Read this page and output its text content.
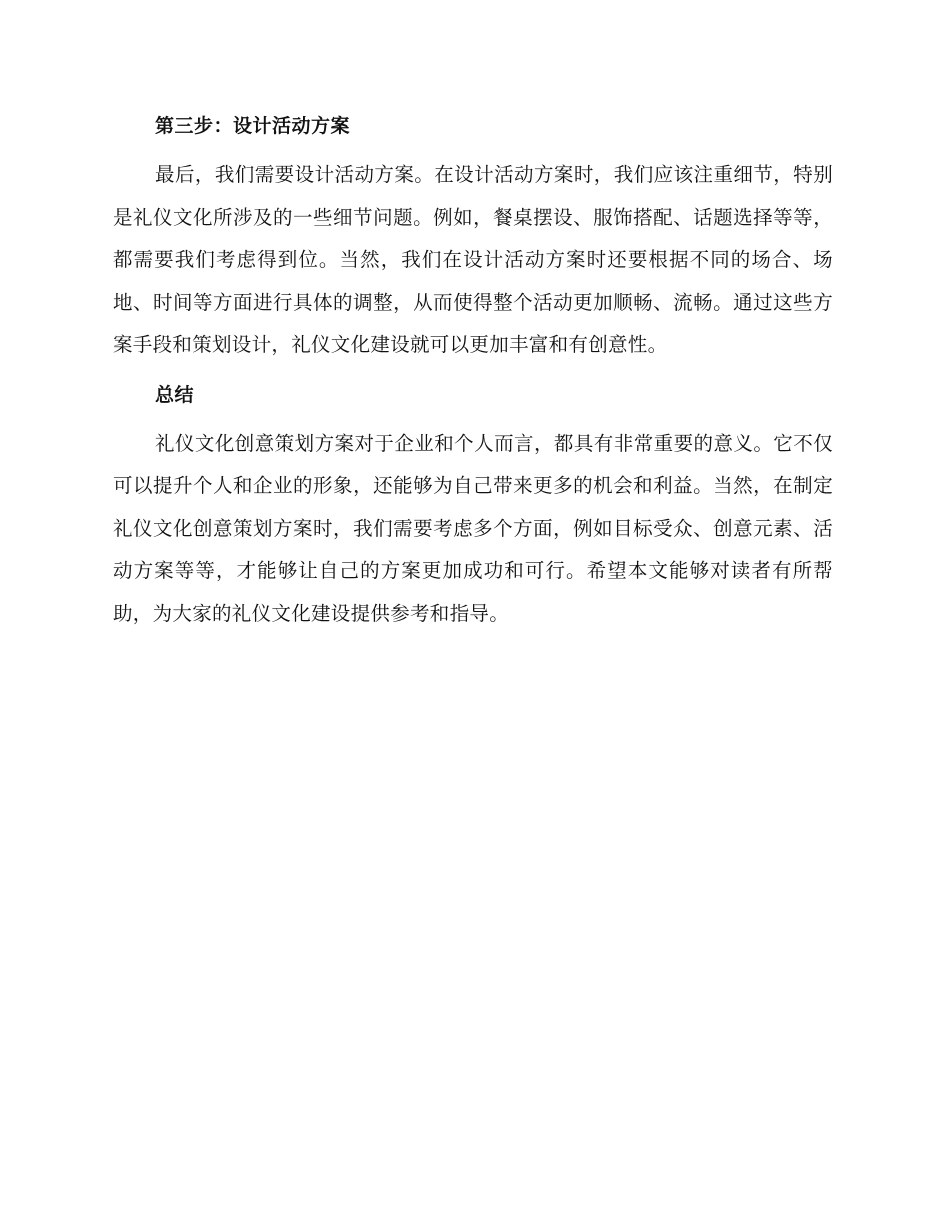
第三步：设计活动方案
最后，我们需要设计活动方案。在设计活动方案时，我们应该注重细节，特别是礼仪文化所涉及的一些细节问题。例如，餐桌摆设、服饰搭配、话题选择等等，都需要我们考虑得到位。当然，我们在设计活动方案时还要根据不同的场合、场地、时间等方面进行具体的调整，从而使得整个活动更加顺畅、流畅。通过这些方案手段和策划设计，礼仪文化建设就可以更加丰富和有创意性。
总结
礼仪文化创意策划方案对于企业和个人而言，都具有非常重要的意义。它不仅可以提升个人和企业的形象，还能够为自己带来更多的机会和利益。当然，在制定礼仪文化创意策划方案时，我们需要考虑多个方面，例如目标受众、创意元素、活动方案等等，才能够让自己的方案更加成功和可行。希望本文能够对读者有所帮助，为大家的礼仪文化建设提供参考和指导。
